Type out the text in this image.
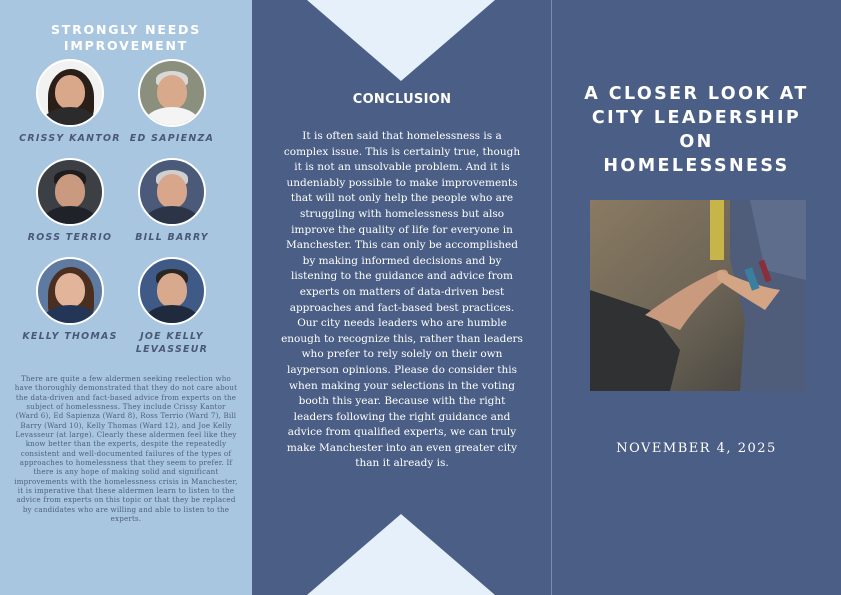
STRONGLY NEEDS IMPROVEMENT
CRISSY KANTOR ED SAPIENZA
ROSS TERRIO	BILL BARRY
KELLY THOMAS	JOE KELLY LEVASSEUR
There are quite a few aldermen seeking reelection who have thoroughly demonstrated that they do not care about the data-driven and fact-based advice from experts on the subject of homelessness. They include Crissy Kantor (Ward 6), Ed Sapienza (Ward 8), Ross Terrio (Ward 7), Bill Barry (Ward 10), Kelly Thomas (Ward 12), and Joe Kelly Levasseur (at large). Clearly these aldermen feel like they know better than the experts, despite the repeatedly consistent and well-documented failures of the types of approaches to homelessness that they seem to prefer. If there is any hope of making solid and significant improvements with the homelessness crisis in Manchester, it is imperative that these aldermen learn to listen to the advice from experts on this topic or that they be replaced by candidates who are willing and able to listen to the experts.
CONCLUSION
It is often said that homelessness is a complex issue. This is certainly true, though it is not an unsolvable problem. And it is undeniably possible to make improvements that will not only help the people who are struggling with homelessness but also improve the quality of life for everyone in Manchester. This can only be accomplished by making informed decisions and by listening to the guidance and advice from experts on matters of data-driven best approaches and fact-based best practices. Our city needs leaders who are humble enough to recognize this, rather than leaders who prefer to rely solely on their own layperson opinions. Please do consider this when making your selections in the voting booth this year. Because with the right leaders following the right guidance and advice from qualified experts, we can truly make Manchester into an even greater city than it already is.
A CLOSER LOOK AT CITY LEADERSHIP ON HOMELESSNESS
NOVEMBER 4, 2025
